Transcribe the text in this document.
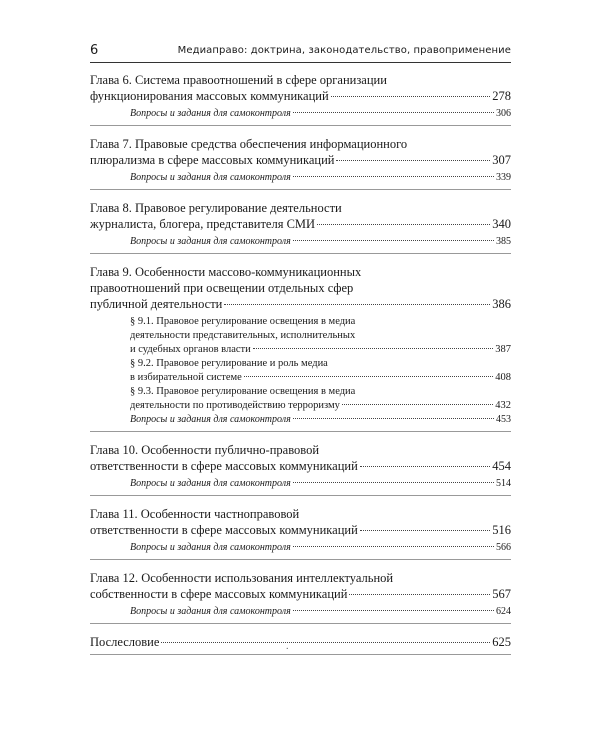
6	Медиаправо: доктрина, законодательство, правоприменение
Глава 6. Система правоотношений в сфере организации
функционирования массовых коммуникаций	278
Вопросы и задания для самоконтроля	306
Глава 7. Правовые средства обеспечения информационного
плюрализма в сфере массовых коммуникаций	307
Вопросы и задания для самоконтроля	339
Глава 8. Правовое регулирование деятельности
журналиста, блогера, представителя СМИ	340
Вопросы и задания для самоконтроля	385
Глава 9. Особенности массово-коммуникационных
правоотношений при освещении отдельных сфер
публичной деятельности	386
§ 9.1. Правовое регулирование освещения в медиа
деятельности представительных, исполнительных
и судебных органов власти	387
§ 9.2. Правовое регулирование и роль медиа
в избирательной системе	408
§ 9.3. Правовое регулирование освещения в медиа
деятельности по противодействию терроризму	432
Вопросы и задания для самоконтроля	453
Глава 10. Особенности публично-правовой
ответственности в сфере массовых коммуникаций	454
Вопросы и задания для самоконтроля	514
Глава 11. Особенности частноправовой
ответственности в сфере массовых коммуникаций	516
Вопросы и задания для самоконтроля	566
Глава 12. Особенности использования интеллектуальной
собственности в сфере массовых коммуникаций	567
Вопросы и задания для самоконтроля	624
Послесловие	625
.
